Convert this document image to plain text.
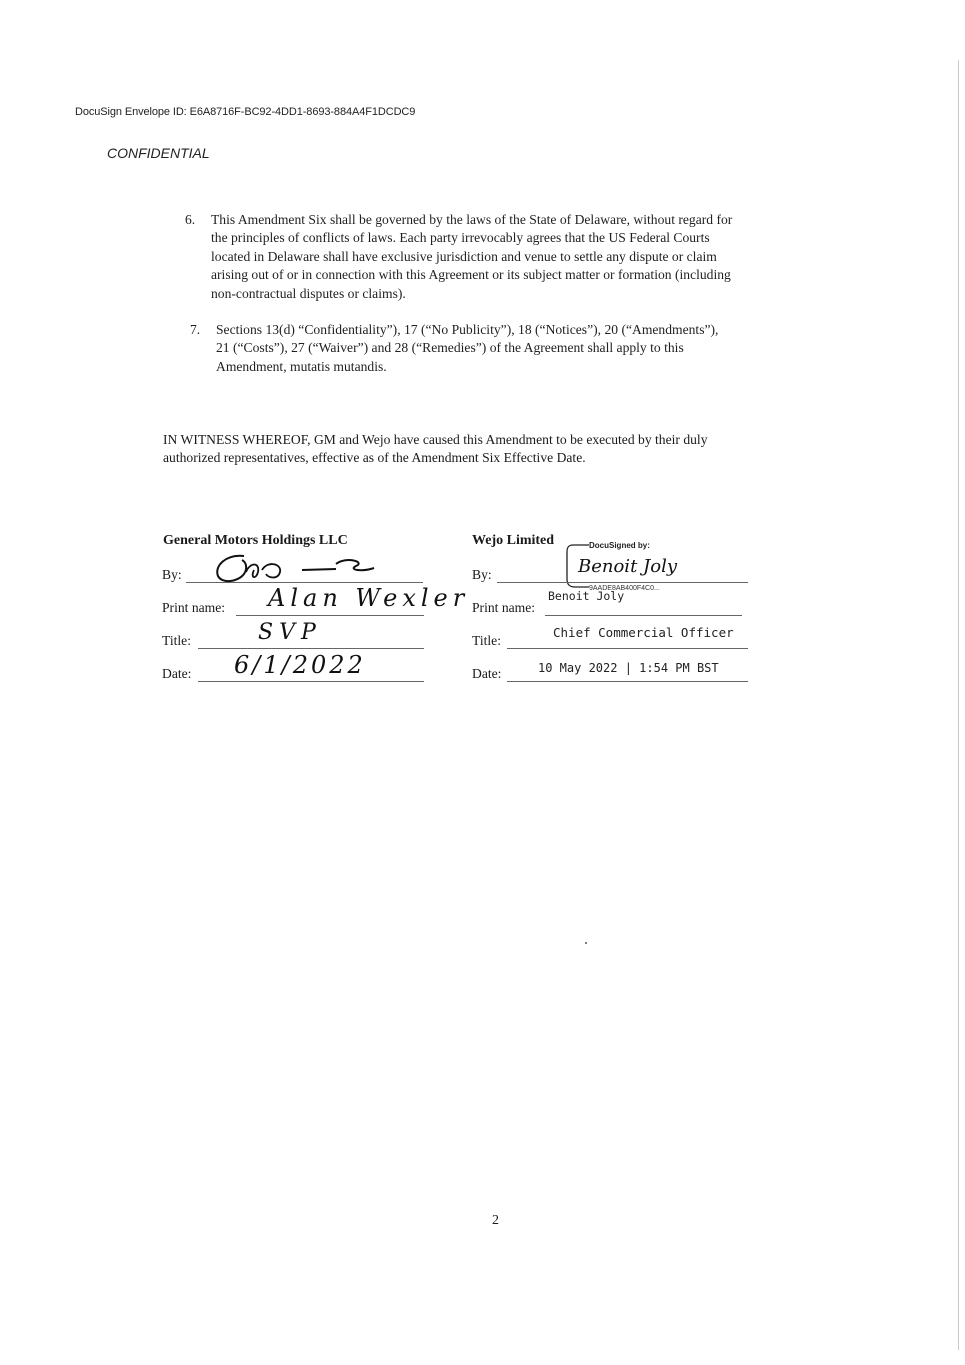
DocuSign Envelope ID: E6A8716F-BC92-4DD1-8693-884A4F1DCDC9
CONFIDENTIAL
6. This Amendment Six shall be governed by the laws of the State of Delaware, without regard for
the principles of conflicts of laws. Each party irrevocably agrees that the US Federal Courts
located in Delaware shall have exclusive jurisdiction and venue to settle any dispute or claim
arising out of or in connection with this Agreement or its subject matter or formation (including
non-contractual disputes or claims).
7. Sections 13(d) “Confidentiality”), 17 (“No Publicity”), 18 (“Notices”), 20 (“Amendments”),
21 (“Costs”), 27 (“Waiver”) and 28 (“Remedies”) of the Agreement shall apply to this
Amendment, mutatis mutandis.
IN WITNESS WHEREOF, GM and Wejo have caused this Amendment to be executed by their duly
authorized representatives, effective as of the Amendment Six Effective Date.
General Motors Holdings LLC
By:
Print name: Alan Wexler
Title:	SVP
Date: 6/1/2022
Wejo Limited	DocuSigned by:
By:	Benoit Joly
9AADE8AB400F4C0...
Print name:
Benoit Joly
Title:
Chief Commercial Officer
Date:	10 May 2022 | 1:54 PM BST
2
